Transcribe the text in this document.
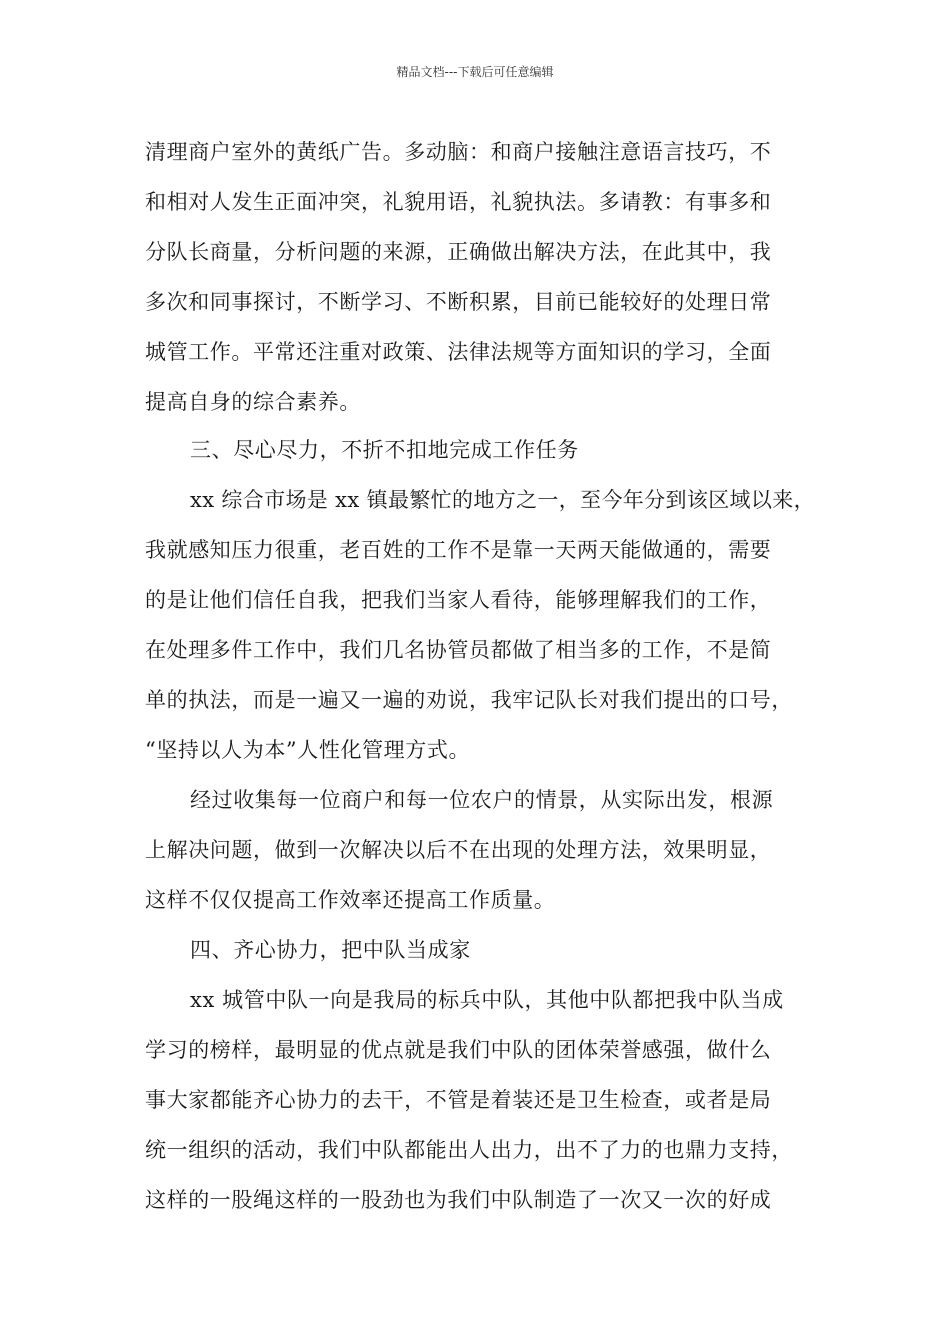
精品文档---下载后可任意编辑
清理商户室外的黄纸广告。多动脑：和商户接触注意语言技巧，不
和相对人发生正面冲突，礼貌用语，礼貌执法。多请教：有事多和
分队长商量，分析问题的来源，正确做出解决方法，在此其中，我
多次和同事探讨，不断学习、不断积累，目前已能较好的处理日常
城管工作。平常还注重对政策、法律法规等方面知识的学习，全面
提高自身的综合素养。
三、尽心尽力，不折不扣地完成工作任务
xx 综合市场是 xx 镇最繁忙的地方之一，至今年分到该区域以来，
我就感知压力很重，老百姓的工作不是靠一天两天能做通的，需要
的是让他们信任自我，把我们当家人看待，能够理解我们的工作，
在处理多件工作中，我们几名协管员都做了相当多的工作，不是简
单的执法，而是一遍又一遍的劝说，我牢记队长对我们提出的口号，
“坚持以人为本”人性化管理方式。
经过收集每一位商户和每一位农户的情景，从实际出发，根源
上解决问题，做到一次解决以后不在出现的处理方法，效果明显，
这样不仅仅提高工作效率还提高工作质量。
四、齐心协力，把中队当成家
xx 城管中队一向是我局的标兵中队，其他中队都把我中队当成
学习的榜样，最明显的优点就是我们中队的团体荣誉感强，做什么
事大家都能齐心协力的去干，不管是着装还是卫生检查，或者是局
统一组织的活动，我们中队都能出人出力，出不了力的也鼎力支持，
这样的一股绳这样的一股劲也为我们中队制造了一次又一次的好成
